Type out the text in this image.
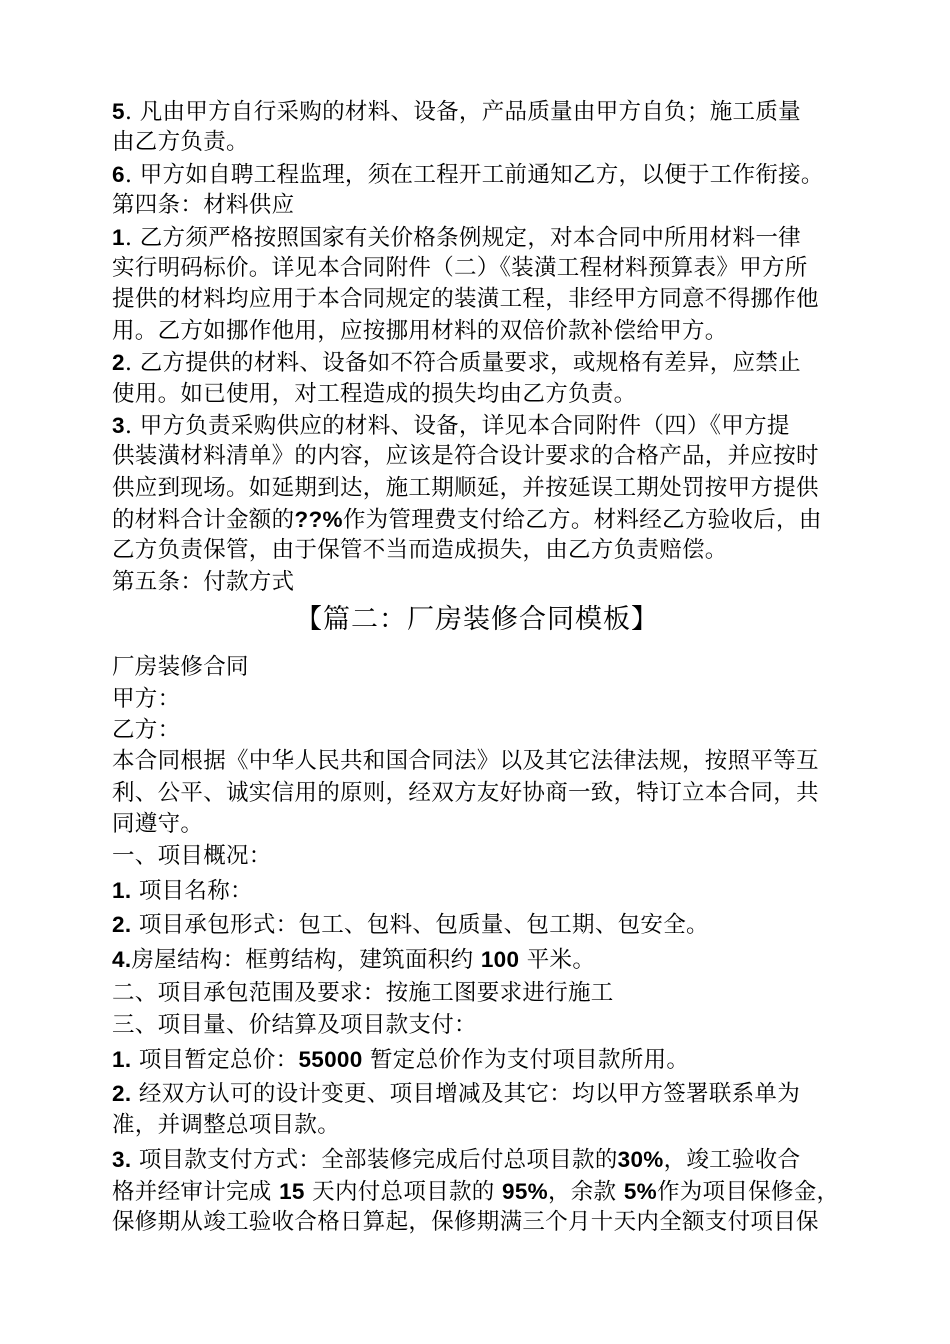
5. 凡由甲方自行采购的材料、设备，产品质量由甲方自负；施工质量
由乙方负责。
6. 甲方如自聘工程监理，须在工程开工前通知乙方，以便于工作衔接。
第四条：材料供应
1. 乙方须严格按照国家有关价格条例规定，对本合同中所用材料一律
实行明码标价。详见本合同附件（二）《装潢工程材料预算表》甲方所
提供的材料均应用于本合同规定的装潢工程，非经甲方同意不得挪作他
用。乙方如挪作他用，应按挪用材料的双倍价款补偿给甲方。
2. 乙方提供的材料、设备如不符合质量要求，或规格有差异，应禁止
使用。如已使用，对工程造成的损失均由乙方负责。
3. 甲方负责采购供应的材料、设备，详见本合同附件（四）《甲方提
供装潢材料清单》的内容，应该是符合设计要求的合格产品，并应按时
供应到现场。如延期到达，施工期顺延，并按延误工期处罚按甲方提供
的材料合计金额的??%作为管理费支付给乙方。材料经乙方验收后，由
乙方负责保管，由于保管不当而造成损失，由乙方负责赔偿。
第五条：付款方式
【篇二：厂房装修合同模板】
厂房装修合同
甲方：
乙方：
本合同根据《中华人民共和国合同法》以及其它法律法规，按照平等互
利、公平、诚实信用的原则，经双方友好协商一致，特订立本合同，共
同遵守。
一、项目概况：
1. 项目名称：
2. 项目承包形式：包工、包料、包质量、包工期、包安全。
4.房屋结构：框剪结构，建筑面积约 100 平米。
二、项目承包范围及要求：按施工图要求进行施工
三、项目量、价结算及项目款支付：
1. 项目暂定总价：55000 暂定总价作为支付项目款所用。
2. 经双方认可的设计变更、项目增减及其它：均以甲方签署联系单为
准，并调整总项目款。
3. 项目款支付方式：全部装修完成后付总项目款的30%，竣工验收合
格并经审计完成 15 天内付总项目款的 95%，余款 5%作为项目保修金，
保修期从竣工验收合格日算起，保修期满三个月十天内全额支付项目保
